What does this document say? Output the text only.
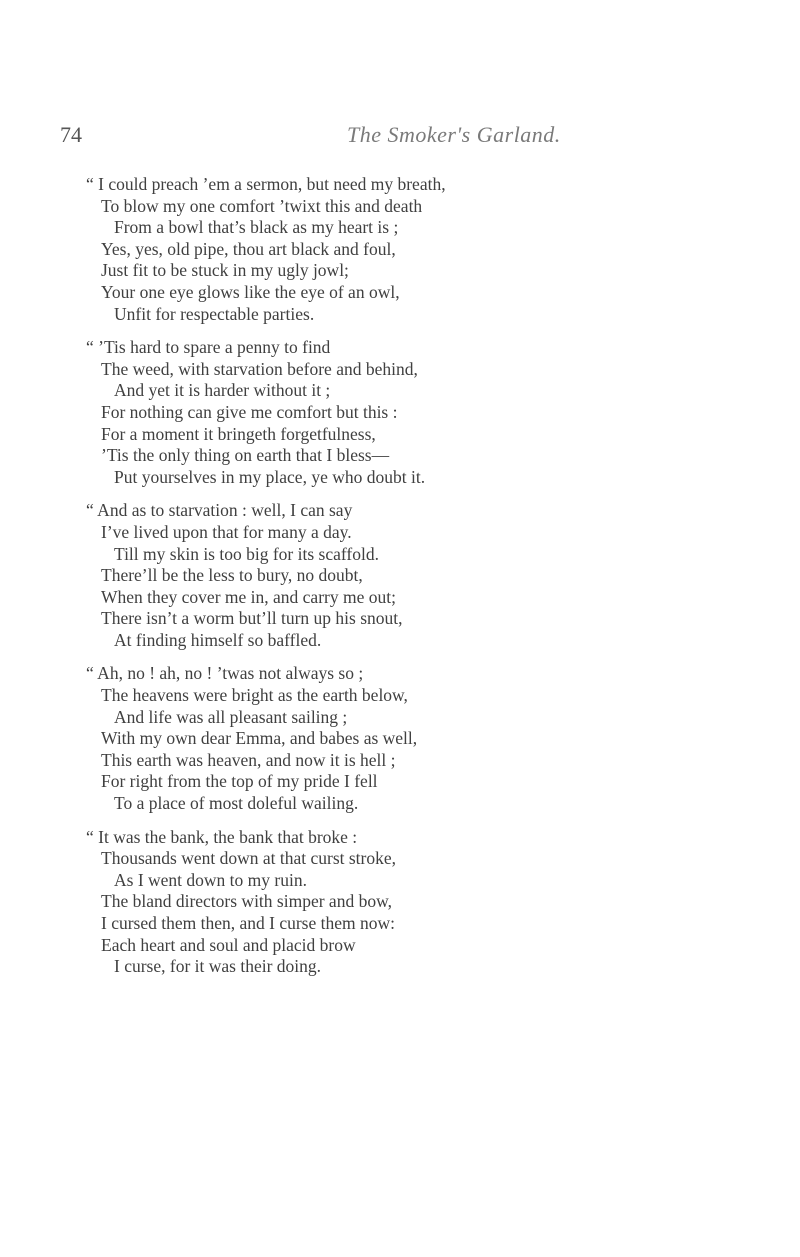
74	The Smoker's Garland.
“ I could preach ’em a sermon, but need my breath,
To blow my one comfort ’twixt this and death
From a bowl that’s black as my heart is ;
Yes, yes, old pipe, thou art black and foul,
Just fit to be stuck in my ugly jowl;
Your one eye glows like the eye of an owl,
Unfit for respectable parties.
“ ’Tis hard to spare a penny to find
The weed, with starvation before and behind,
And yet it is harder without it ;
For nothing can give me comfort but this :
For a moment it bringeth forgetfulness,
’Tis the only thing on earth that I bless—
Put yourselves in my place, ye who doubt it.
“ And as to starvation : well, I can say
I’ve lived upon that for many a day.
Till my skin is too big for its scaffold.
There’ll be the less to bury, no doubt,
When they cover me in, and carry me out;
There isn’t a worm but’ll turn up his snout,
At finding himself so baffled.
“ Ah, no ! ah, no ! ’twas not always so ;
The heavens were bright as the earth below,
And life was all pleasant sailing ;
With my own dear Emma, and babes as well,
This earth was heaven, and now it is hell ;
For right from the top of my pride I fell
To a place of most doleful wailing.
“ It was the bank, the bank that broke :
Thousands went down at that curst stroke,
As I went down to my ruin.
The bland directors with simper and bow,
I cursed them then, and I curse them now:
Each heart and soul and placid brow
I curse, for it was their doing.
